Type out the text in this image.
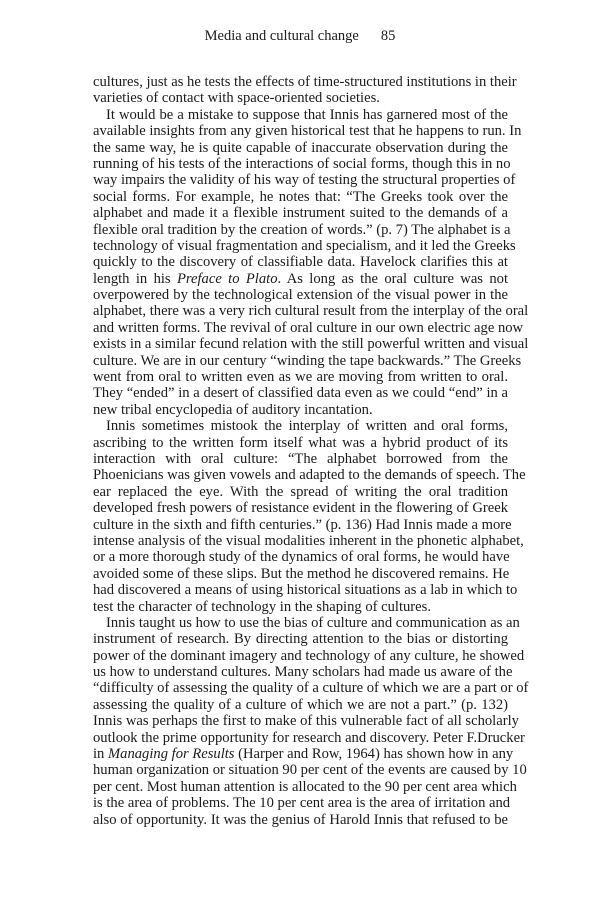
Media and cultural change 85
cultures, just as he tests the effects of time-structured institutions in their
varieties of contact with space-oriented societies.
It would be a mistake to suppose that Innis has garnered most of the
available insights from any given historical test that he happens to run. In
the same way, he is quite capable of inaccurate observation during the
running of his tests of the interactions of social forms, though this in no
way impairs the validity of his way of testing the structural properties of
social forms. For example, he notes that: “The Greeks took over the
alphabet and made it a flexible instrument suited to the demands of a
flexible oral tradition by the creation of words.” (p. 7) The alphabet is a
technology of visual fragmentation and specialism, and it led the Greeks
quickly to the discovery of classifiable data. Havelock clarifies this at
length in his Preface to Plato. As long as the oral culture was not
overpowered by the technological extension of the visual power in the
alphabet, there was a very rich cultural result from the interplay of the oral
and written forms. The revival of oral culture in our own electric age now
exists in a similar fecund relation with the still powerful written and visual
culture. We are in our century “winding the tape backwards.” The Greeks
went from oral to written even as we are moving from written to oral.
They “ended” in a desert of classified data even as we could “end” in a
new tribal encyclopedia of auditory incantation.
Innis sometimes mistook the interplay of written and oral forms,
ascribing to the written form itself what was a hybrid product of its
interaction with oral culture: “The alphabet borrowed from the
Phoenicians was given vowels and adapted to the demands of speech. The
ear replaced the eye. With the spread of writing the oral tradition
developed fresh powers of resistance evident in the flowering of Greek
culture in the sixth and fifth centuries.” (p. 136) Had Innis made a more
intense analysis of the visual modalities inherent in the phonetic alphabet,
or a more thorough study of the dynamics of oral forms, he would have
avoided some of these slips. But the method he discovered remains. He
had discovered a means of using historical situations as a lab in which to
test the character of technology in the shaping of cultures.
Innis taught us how to use the bias of culture and communication as an
instrument of research. By directing attention to the bias or distorting
power of the dominant imagery and technology of any culture, he showed
us how to understand cultures. Many scholars had made us aware of the
“difficulty of assessing the quality of a culture of which we are a part or of
assessing the quality of a culture of which we are not a part.” (p. 132)
Innis was perhaps the first to make of this vulnerable fact of all scholarly
outlook the prime opportunity for research and discovery. Peter F.Drucker
in Managing for Results (Harper and Row, 1964) has shown how in any
human organization or situation 90 per cent of the events are caused by 10
per cent. Most human attention is allocated to the 90 per cent area which
is the area of problems. The 10 per cent area is the area of irritation and
also of opportunity. It was the genius of Harold Innis that refused to be
